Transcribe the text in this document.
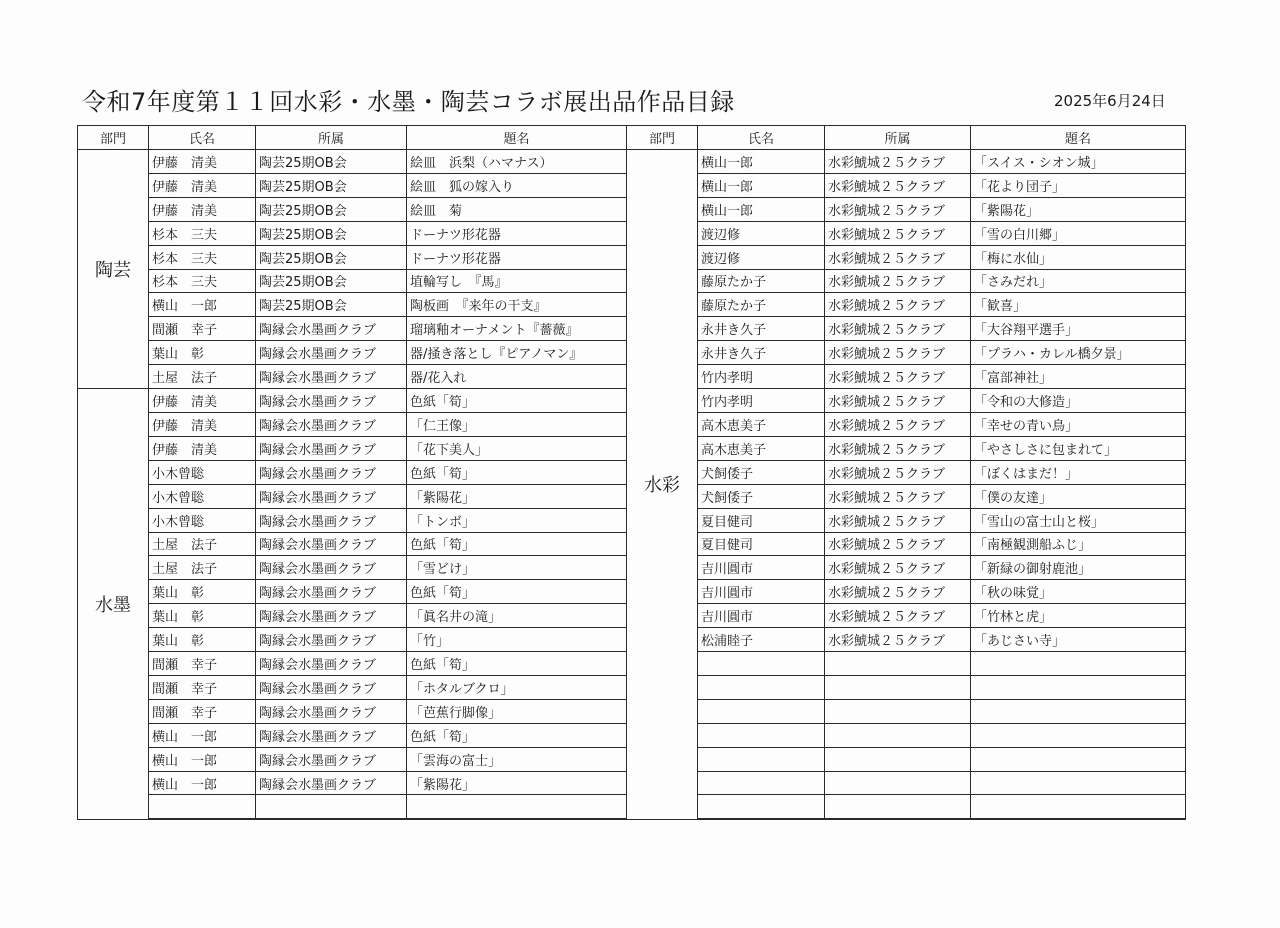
令和7年度第１１回水彩・水墨・陶芸コラボ展出品作品目録	2025年6月24日
部門	氏名	所属	題名	部門	氏名	所属	題名
陶芸	伊藤　清美	陶芸25期OB会	絵皿　浜梨（ハマナス）	水彩	横山一郎	水彩鯱城２５クラブ	「スイス・シオン城」
	伊藤　清美	陶芸25期OB会	絵皿　狐の嫁入り		横山一郎	水彩鯱城２５クラブ	「花より団子」
	伊藤　清美	陶芸25期OB会	絵皿　菊		横山一郎	水彩鯱城２５クラブ	「紫陽花」
	杉本　三夫	陶芸25期OB会	ドーナツ形花器		渡辺修	水彩鯱城２５クラブ	「雪の白川郷」
	杉本　三夫	陶芸25期OB会	ドーナツ形花器		渡辺修	水彩鯱城２５クラブ	「梅に水仙」
	杉本　三夫	陶芸25期OB会	埴輪写し　『馬』		藤原たか子	水彩鯱城２５クラブ	「さみだれ」
	横山　一郎	陶芸25期OB会	陶板画　『来年の干支』		藤原たか子	水彩鯱城２５クラブ	「歓喜」
	間瀬　幸子	陶縁会水墨画クラブ	瑠璃釉オーナメント『薔薇』		永井き久子	水彩鯱城２５クラブ	「大谷翔平選手」
	葉山　彰	陶縁会水墨画クラブ	器/掻き落とし『ピアノマン』		永井き久子	水彩鯱城２５クラブ	「プラハ・カレル橋夕景」
	土屋　法子	陶縁会水墨画クラブ	器/花入れ		竹内孝明	水彩鯱城２５クラブ	「富部神社」
水墨	伊藤　清美	陶縁会水墨画クラブ	色紙「筍」		竹内孝明	水彩鯱城２５クラブ	「令和の大修造」
	伊藤　清美	陶縁会水墨画クラブ	「仁王像」		高木恵美子	水彩鯱城２５クラブ	「幸せの青い鳥」
	伊藤　清美	陶縁会水墨画クラブ	「花下美人」		高木恵美子	水彩鯱城２５クラブ	「やさしさに包まれて」
	小木曾聡	陶縁会水墨画クラブ	色紙「筍」		犬飼倭子	水彩鯱城２５クラブ	「ぼくはまだ！」
	小木曾聡	陶縁会水墨画クラブ	「紫陽花」		犬飼倭子	水彩鯱城２５クラブ	「僕の友達」
	小木曾聡	陶縁会水墨画クラブ	「トンボ」		夏目健司	水彩鯱城２５クラブ	「雪山の富士山と桜」
	土屋　法子	陶縁会水墨画クラブ	色紙「筍」		夏目健司	水彩鯱城２５クラブ	「南極観測船ふじ」
	土屋　法子	陶縁会水墨画クラブ	「雪どけ」		吉川圓市	水彩鯱城２５クラブ	「新緑の御射鹿池」
	葉山　彰	陶縁会水墨画クラブ	色紙「筍」		吉川圓市	水彩鯱城２５クラブ	「秋の味覚」
	葉山　彰	陶縁会水墨画クラブ	「眞名井の滝」		吉川圓市	水彩鯱城２５クラブ	「竹林と虎」
	葉山　彰	陶縁会水墨画クラブ	「竹」		松浦睦子	水彩鯱城２５クラブ	「あじさい寺」
	間瀬　幸子	陶縁会水墨画クラブ	色紙「筍」				
	間瀬　幸子	陶縁会水墨画クラブ	「ホタルブクロ」				
	間瀬　幸子	陶縁会水墨画クラブ	「芭蕉行脚像」				
	横山　一郎	陶縁会水墨画クラブ	色紙「筍」				
	横山　一郎	陶縁会水墨画クラブ	「雲海の富士」				
	横山　一郎	陶縁会水墨画クラブ	「紫陽花」				
